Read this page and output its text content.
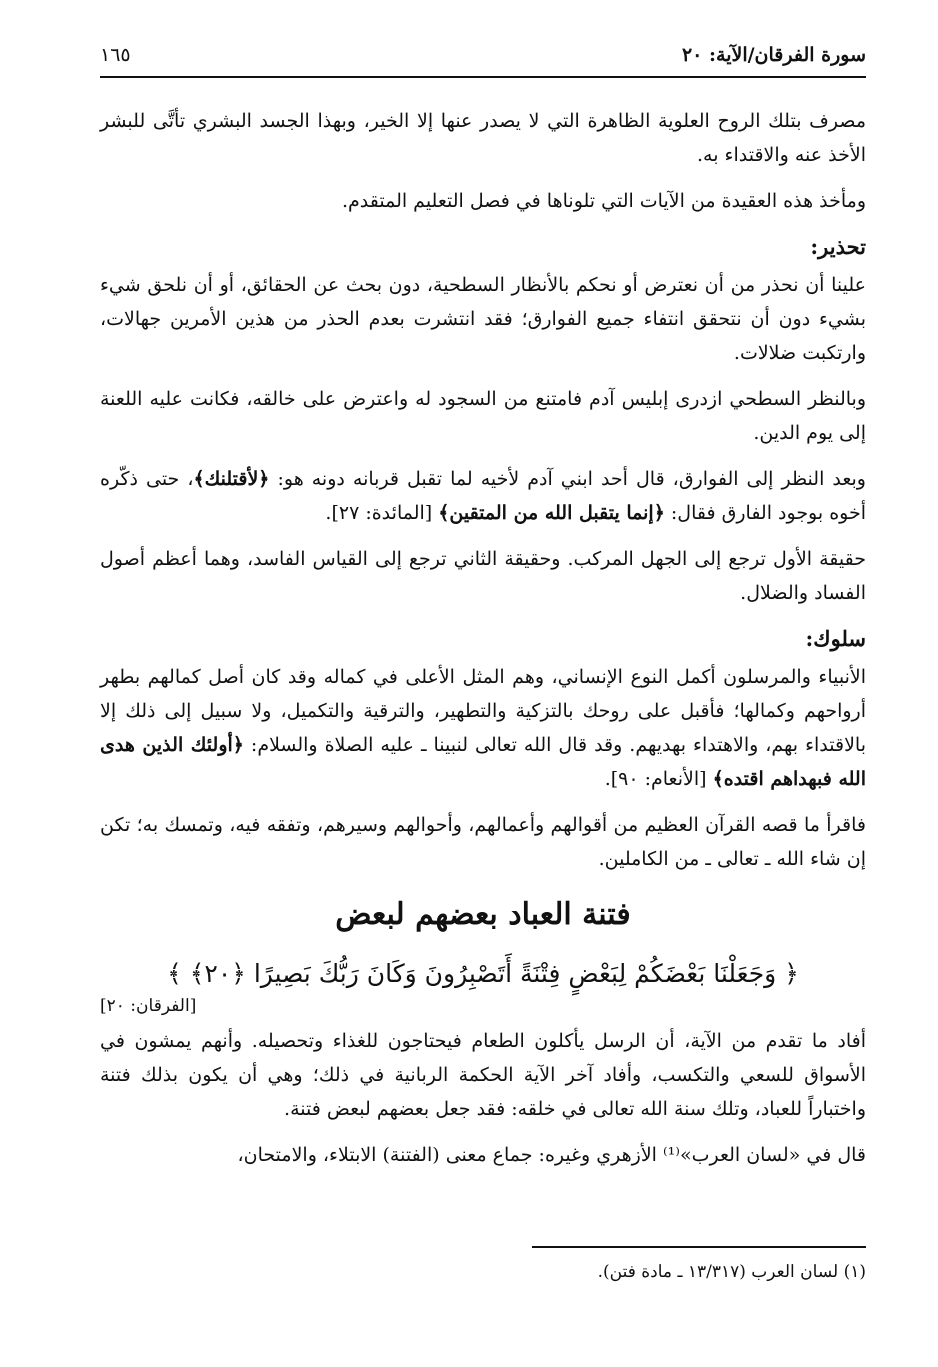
سورة الفرقان/الآية: ٢٠
١٦٥

مصرف بتلك الروح العلوية الظاهرة التي لا يصدر عنها إلا الخير، وبهذا الجسد البشري تأتَّى للبشر الأخذ عنه والاقتداء به.

ومأخذ هذه العقيدة من الآيات التي تلوناها في فصل التعليم المتقدم.

تحذير:

علينا أن نحذر من أن نعترض أو نحكم بالأنظار السطحية، دون بحث عن الحقائق، أو أن نلحق شيء بشيء دون أن نتحقق انتفاء جميع الفوارق؛ فقد انتشرت بعدم الحذر من هذين الأمرين جهالات، وارتكبت ضلالات.

وبالنظر السطحي ازدرى إبليس آدم فامتنع من السجود له واعترض على خالقه، فكانت عليه اللعنة إلى يوم الدين.

وبعد النظر إلى الفوارق، قال أحد ابني آدم لأخيه لما تقبل قربانه دونه هو: ﴿لأقتلنك﴾، حتى ذكّره أخوه بوجود الفارق فقال: ﴿إنما يتقبل الله من المتقين﴾ [المائدة: ٢٧].

حقيقة الأول ترجع إلى الجهل المركب. وحقيقة الثاني ترجع إلى القياس الفاسد، وهما أعظم أصول الفساد والضلال.

سلوك:

الأنبياء والمرسلون أكمل النوع الإنساني، وهم المثل الأعلى في كماله وقد كان أصل كمالهم بطهر أرواحهم وكمالها؛ فأقبل على روحك بالتزكية والتطهير، والترقية والتكميل، ولا سبيل إلى ذلك إلا بالاقتداء بهم، والاهتداء بهديهم. وقد قال الله تعالى لنبينا ـ عليه الصلاة والسلام: ﴿أولئك الذين هدى الله فبهداهم اقتده﴾ [الأنعام: ٩٠].

فاقرأ ما قصه القرآن العظيم من أقوالهم وأعمالهم، وأحوالهم وسيرهم، وتفقه فيه، وتمسك به؛ تكن إن شاء الله ـ تعالى ـ من الكاملين.

فتنة العباد بعضهم لبعض
﴿ وَجَعَلْنَا بَعْضَكُمْ لِبَعْضٍ فِتْنَةً أَتَصْبِرُونَ وَكَانَ رَبُّكَ بَصِيرًا ﴿٢٠﴾ ﴾
[الفرقان: ٢٠]

أفاد ما تقدم من الآية، أن الرسل يأكلون الطعام فيحتاجون للغذاء وتحصيله. وأنهم يمشون في الأسواق للسعي والتكسب، وأفاد آخر الآية الحكمة الربانية في ذلك؛ وهي أن يكون بذلك فتنة واختباراً للعباد، وتلك سنة الله تعالى في خلقه: فقد جعل بعضهم لبعض فتنة.

قال في «لسان العرب»⁽¹⁾ الأزهري وغيره: جماع معنى (الفتنة) الابتلاء، والامتحان،

(١) لسان العرب (١٣/٣١٧ ـ مادة فتن).
